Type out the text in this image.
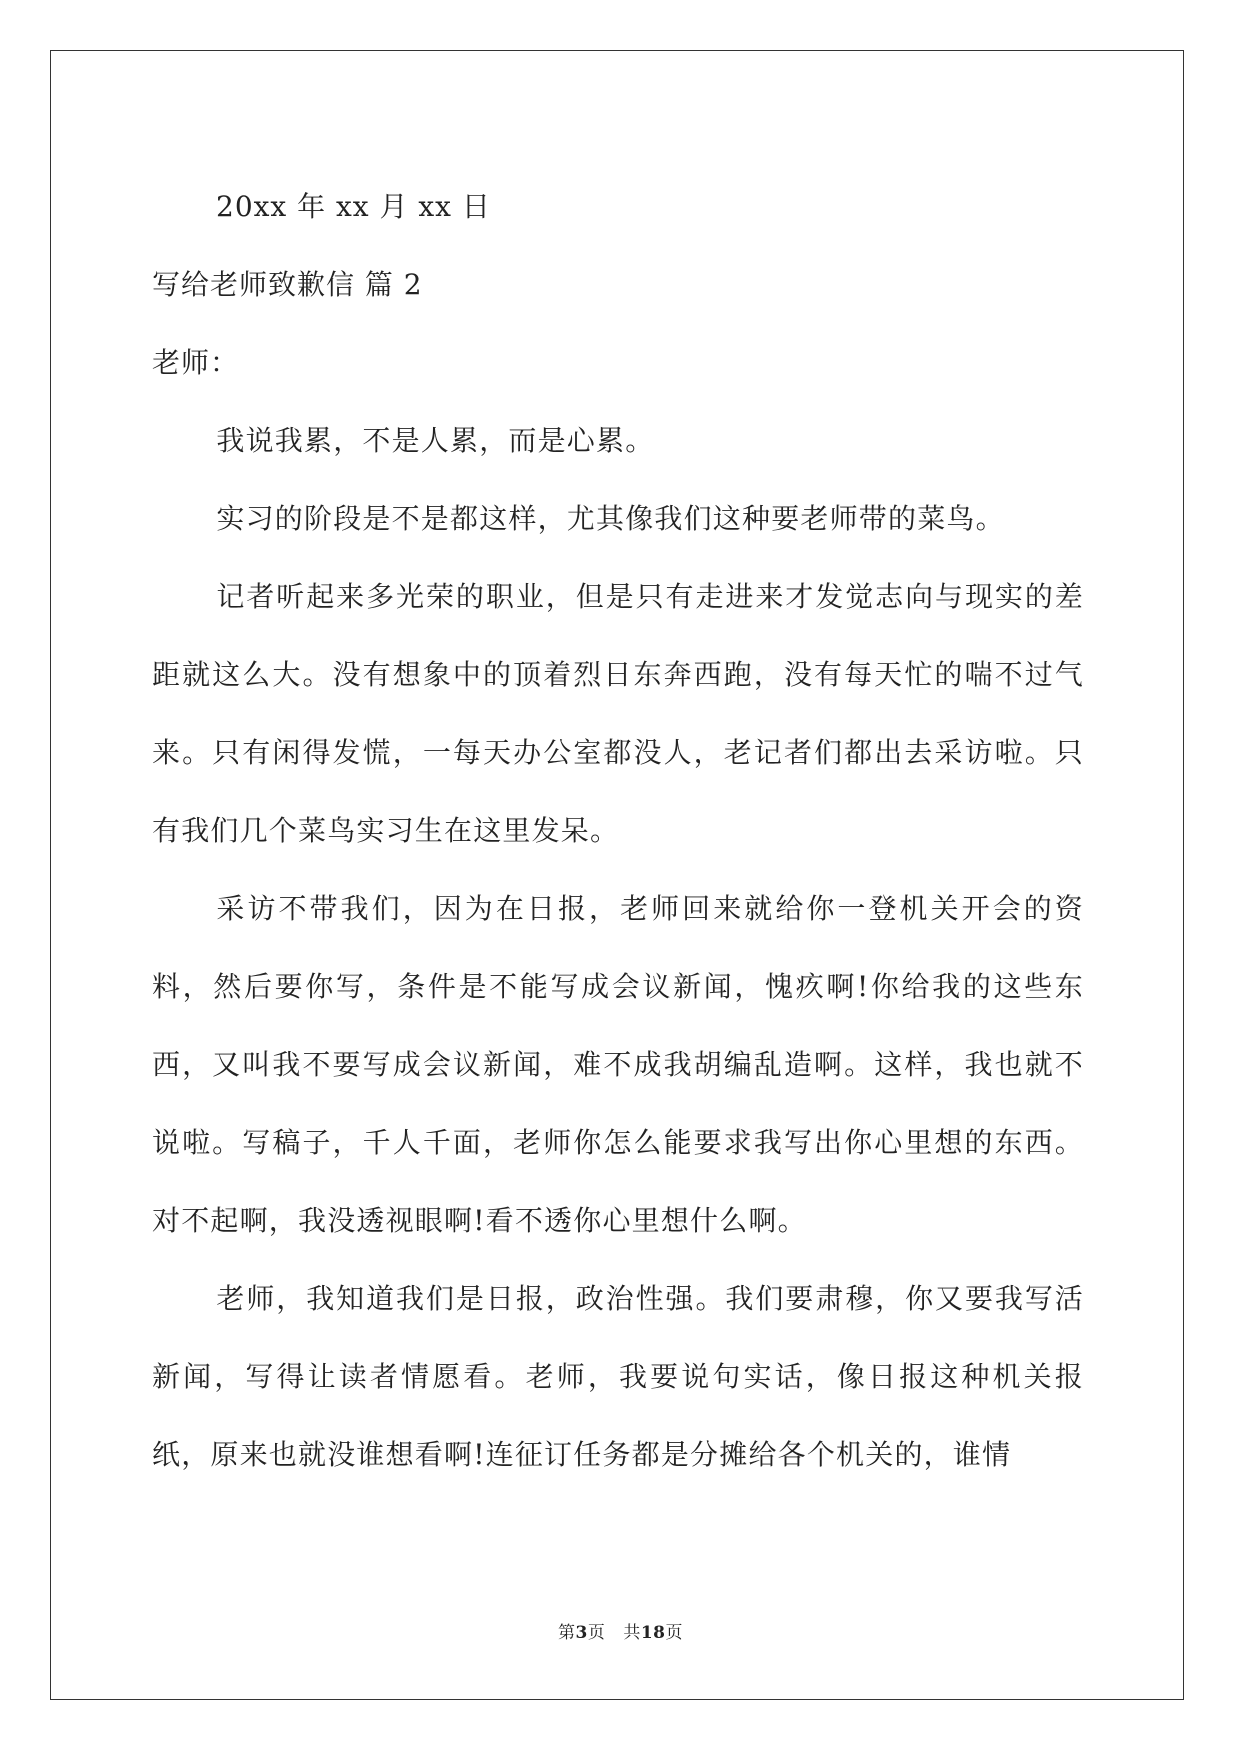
20xx 年 xx 月 xx 日
写给老师致歉信 篇 2
老师：

我说我累，不是人累，而是心累。

实习的阶段是不是都这样，尤其像我们这种要老师带的菜鸟。

记者听起来多光荣的职业，但是只有走进来才发觉志向与现实的差距就这么大。没有想象中的顶着烈日东奔西跑，没有每天忙的喘不过气来。只有闲得发慌，一每天办公室都没人，老记者们都出去采访啦。只有我们几个菜鸟实习生在这里发呆。

采访不带我们，因为在日报，老师回来就给你一登机关开会的资料，然后要你写，条件是不能写成会议新闻，愧疚啊!你给我的这些东西，又叫我不要写成会议新闻，难不成我胡编乱造啊。这样，我也就不说啦。写稿子，千人千面，老师你怎么能要求我写出你心里想的东西。对不起啊，我没透视眼啊!看不透你心里想什么啊。

老师，我知道我们是日报，政治性强。我们要肃穆，你又要我写活新闻，写得让读者情愿看。老师，我要说句实话，像日报这种机关报纸，原来也就没谁想看啊!连征订任务都是分摊给各个机关的，谁情

第3页 共18页
